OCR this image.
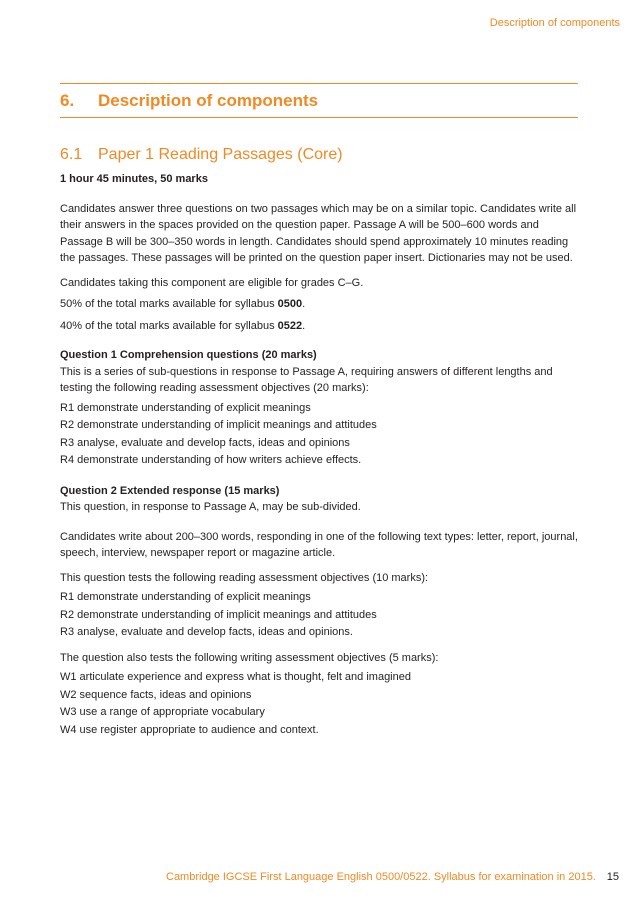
Description of components
6. Description of components
6.1 Paper 1 Reading Passages (Core)

1 hour 45 minutes, 50 marks

Candidates answer three questions on two passages which may be on a similar topic. Candidates write all their answers in the spaces provided on the question paper. Passage A will be 500–600 words and Passage B will be 300–350 words in length. Candidates should spend approximately 10 minutes reading the passages. These passages will be printed on the question paper insert. Dictionaries may not be used.

Candidates taking this component are eligible for grades C–G.

50% of the total marks available for syllabus 0500.

40% of the total marks available for syllabus 0522.

Question 1 Comprehension questions (20 marks)

This is a series of sub-questions in response to Passage A, requiring answers of different lengths and testing the following reading assessment objectives (20 marks):

R1 demonstrate understanding of explicit meanings
R2 demonstrate understanding of implicit meanings and attitudes
R3 analyse, evaluate and develop facts, ideas and opinions
R4 demonstrate understanding of how writers achieve effects.

Question 2 Extended response (15 marks)

This question, in response to Passage A, may be sub-divided.

Candidates write about 200–300 words, responding in one of the following text types: letter, report, journal, speech, interview, newspaper report or magazine article.

This question tests the following reading assessment objectives (10 marks):

R1 demonstrate understanding of explicit meanings
R2 demonstrate understanding of implicit meanings and attitudes
R3 analyse, evaluate and develop facts, ideas and opinions.

The question also tests the following writing assessment objectives (5 marks):

W1 articulate experience and express what is thought, felt and imagined
W2 sequence facts, ideas and opinions
W3 use a range of appropriate vocabulary
W4 use register appropriate to audience and context.
Cambridge IGCSE First Language English 0500/0522. Syllabus for examination in 2015. 15
